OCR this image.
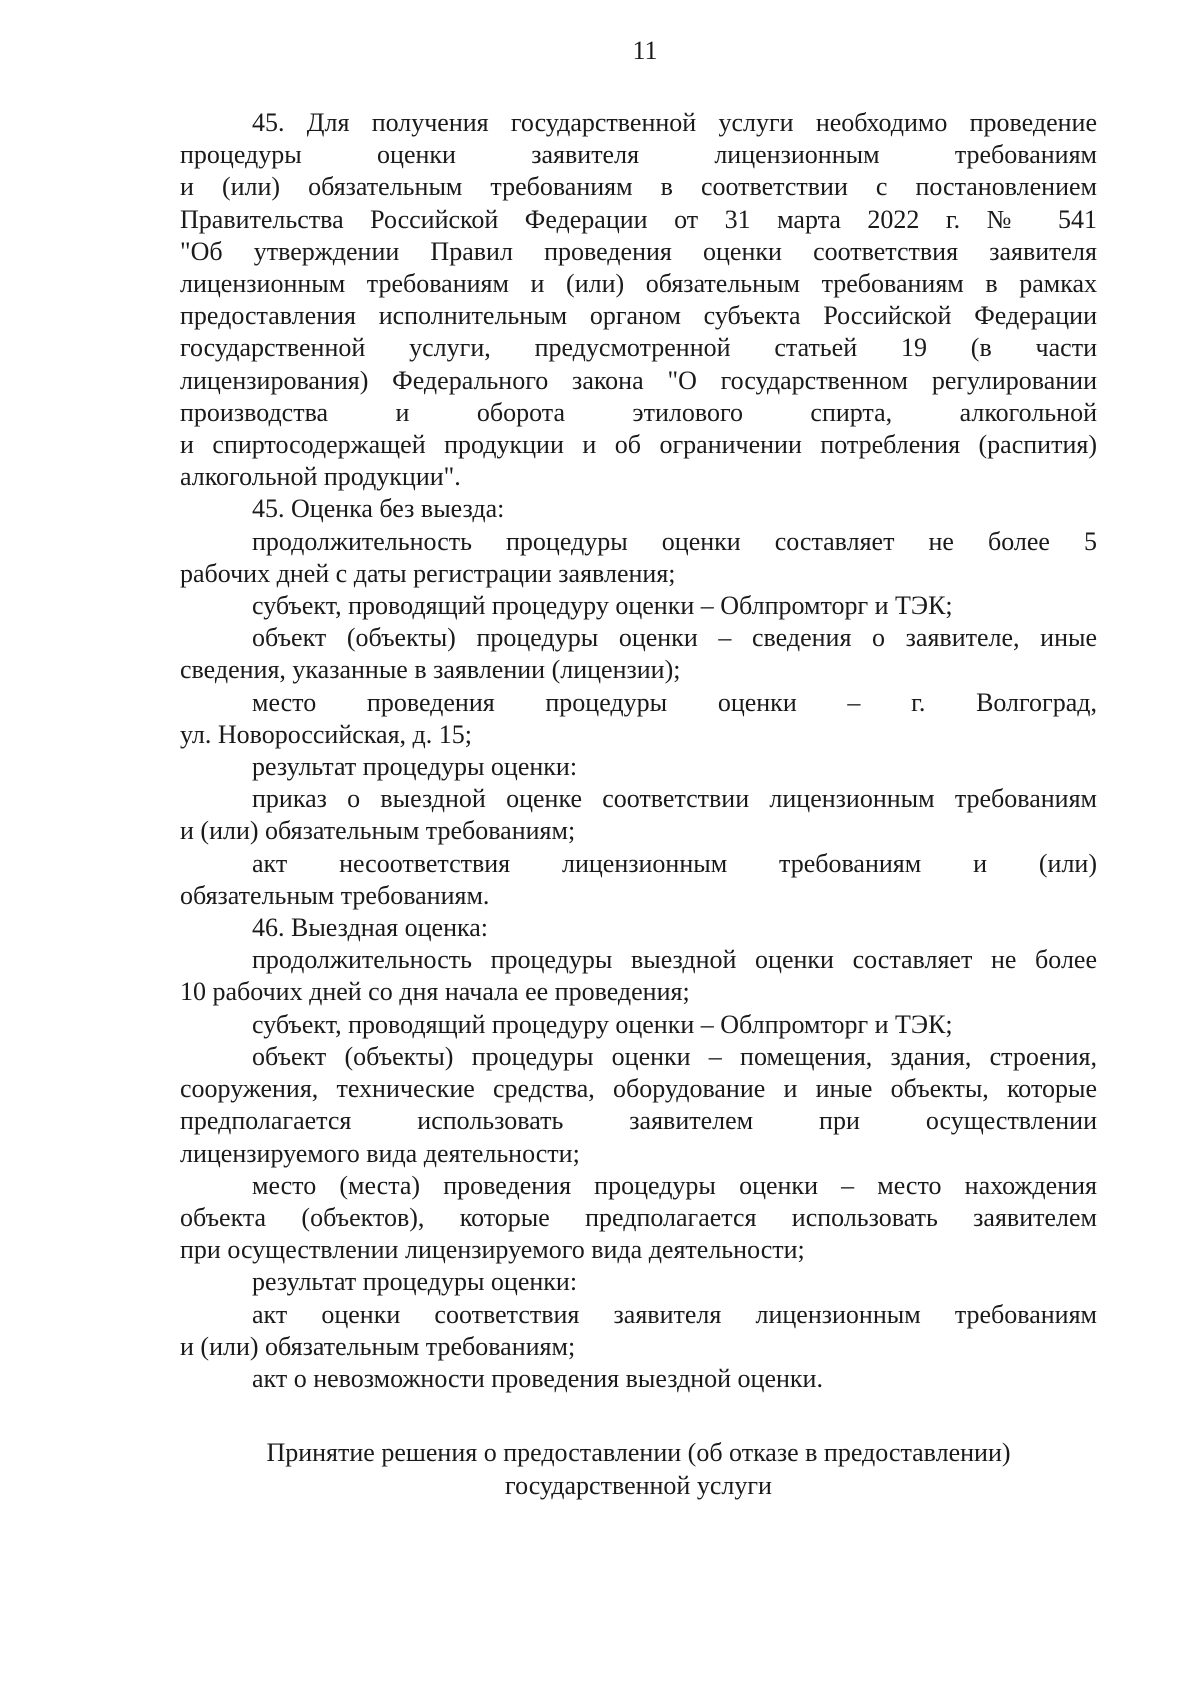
11
45. Для получения государственной услуги необходимо проведение
процедуры оценки заявителя лицензионным требованиям
и (или) обязательным требованиям в соответствии с постановлением
Правительства Российской Федерации от 31 марта 2022 г. № 541
"Об утверждении Правил проведения оценки соответствия заявителя
лицензионным требованиям и (или) обязательным требованиям в рамках
предоставления исполнительным органом субъекта Российской Федерации
государственной услуги, предусмотренной статьей 19 (в части
лицензирования) Федерального закона "О государственном регулировании
производства и оборота этилового спирта, алкогольной
и спиртосодержащей продукции и об ограничении потребления (распития)
алкогольной продукции".
45. Оценка без выезда:
продолжительность процедуры оценки составляет не более 5
рабочих дней с даты регистрации заявления;
субъект, проводящий процедуру оценки – Облпромторг и ТЭК;
объект (объекты) процедуры оценки – сведения о заявителе, иные
сведения, указанные в заявлении (лицензии);
место проведения процедуры оценки – г. Волгоград,
ул. Новороссийская, д. 15;
результат процедуры оценки:
приказ о выездной оценке соответствии лицензионным требованиям
и (или) обязательным требованиям;
акт несоответствия лицензионным требованиям и (или)
обязательным требованиям.
46. Выездная оценка:
продолжительность процедуры выездной оценки составляет не более
10 рабочих дней со дня начала ее проведения;
субъект, проводящий процедуру оценки – Облпромторг и ТЭК;
объект (объекты) процедуры оценки – помещения, здания, строения,
сооружения, технические средства, оборудование и иные объекты, которые
предполагается использовать заявителем при осуществлении
лицензируемого вида деятельности;
место (места) проведения процедуры оценки – место нахождения
объекта (объектов), которые предполагается использовать заявителем
при осуществлении лицензируемого вида деятельности;
результат процедуры оценки:
акт оценки соответствия заявителя лицензионным требованиям
и (или) обязательным требованиям;
акт о невозможности проведения выездной оценки.
Принятие решения о предоставлении (об отказе в предоставлении)
государственной услуги
